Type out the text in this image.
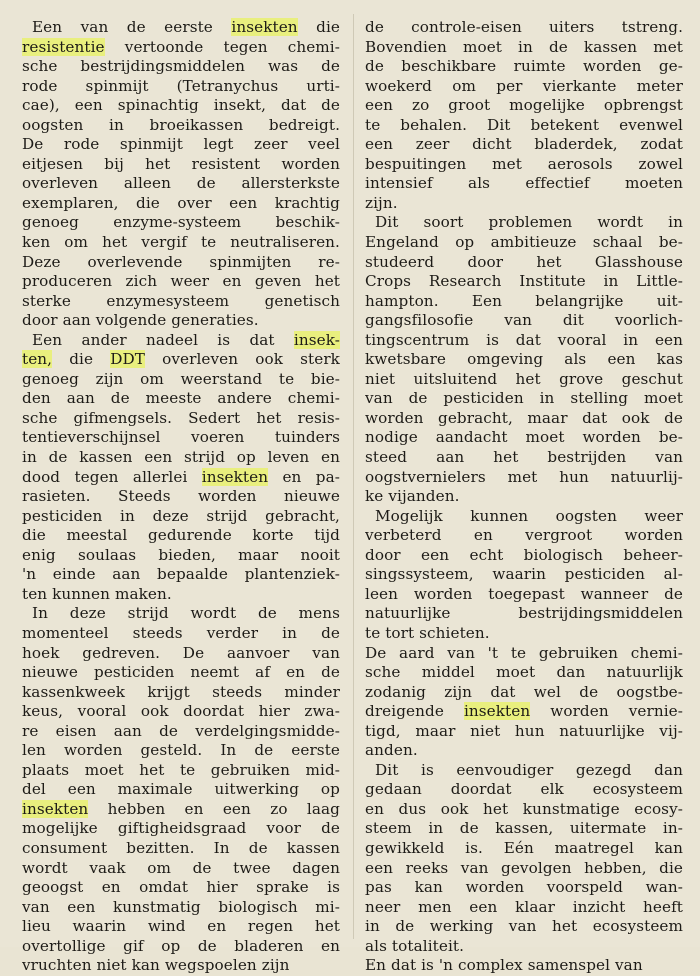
Een van de eerste insekten die
resistentie vertoonde tegen chemi-
sche bestrijdingsmiddelen was de
rode spinmijt (Tetranychus urti-
cae), een spinachtig insekt, dat de
oogsten in broeikassen bedreigt.
De rode spinmijt legt zeer veel
eitjesen bij het resistent worden
overleven alleen de allersterkste
exemplaren, die over een krachtig
genoeg enzyme-systeem beschik-
ken om het vergif te neutraliseren.
Deze overlevende spinmijten re-
produceren zich weer en geven het
sterke enzymesysteem genetisch
door aan volgende generaties.
Een ander nadeel is dat insek-
ten, die DDT overleven ook sterk
genoeg zijn om weerstand te bie-
den aan de meeste andere chemi-
sche gifmengsels. Sedert het resis-
tentieverschijnsel voeren tuinders
in de kassen een strijd op leven en
dood tegen allerlei insekten en pa-
rasieten. Steeds worden nieuwe
pesticiden in deze strijd gebracht,
die meestal gedurende korte tijd
enig soulaas bieden, maar nooit
'n einde aan bepaalde plantenziek-
ten kunnen maken.
In deze strijd wordt de mens
momenteel steeds verder in de
hoek gedreven. De aanvoer van
nieuwe pesticiden neemt af en de
kassenkweek krijgt steeds minder
keus, vooral ook doordat hier zwa-
re eisen aan de verdelgingsmidde-
len worden gesteld. In de eerste
plaats moet het te gebruiken mid-
del een maximale uitwerking op
insekten hebben en een zo laag
mogelijke giftigheidsgraad voor de
consument bezitten. In de kassen
wordt vaak om de twee dagen
geoogst en omdat hier sprake is
van een kunstmatig biologisch mi-
lieu waarin wind en regen het
overtollige gif op de bladeren en
vruchten niet kan wegspoelen zijn
de controle-eisen uiters tstreng.
Bovendien moet in de kassen met
de beschikbare ruimte worden ge-
woekerd om per vierkante meter
een zo groot mogelijke opbrengst
te behalen. Dit betekent evenwel
een zeer dicht bladerdek, zodat
bespuitingen met aerosols zowel
intensief als effectief moeten
zijn.
Dit soort problemen wordt in
Engeland op ambitieuze schaal be-
studeerd door het Glasshouse
Crops Research Institute in Little-
hampton. Een belangrijke uit-
gangsfilosofie van dit voorlich-
tingscentrum is dat vooral in een
kwetsbare omgeving als een kas
niet uitsluitend het grove geschut
van de pesticiden in stelling moet
worden gebracht, maar dat ook de
nodige aandacht moet worden be-
steed aan het bestrijden van
oogstvernielers met hun natuurlij-
ke vijanden.
Mogelijk kunnen oogsten weer
verbeterd en vergroot worden
door een echt biologisch beheer-
singssysteem, waarin pesticiden al-
leen worden toegepast wanneer de
natuurlijke bestrijdingsmiddelen
te tort schieten.
De aard van 't te gebruiken chemi-
sche middel moet dan natuurlijk
zodanig zijn dat wel de oogstbe-
dreigende insekten worden vernie-
tigd, maar niet hun natuurlijke vij-
anden.
Dit is eenvoudiger gezegd dan
gedaan doordat elk ecosysteem
en dus ook het kunstmatige ecosy-
steem in de kassen, uitermate in-
gewikkeld is. Eén maatregel kan
een reeks van gevolgen hebben, die
pas kan worden voorspeld wan-
neer men een klaar inzicht heeft
in de werking van het ecosysteem
als totaliteit.
En dat is 'n complex samenspel van
